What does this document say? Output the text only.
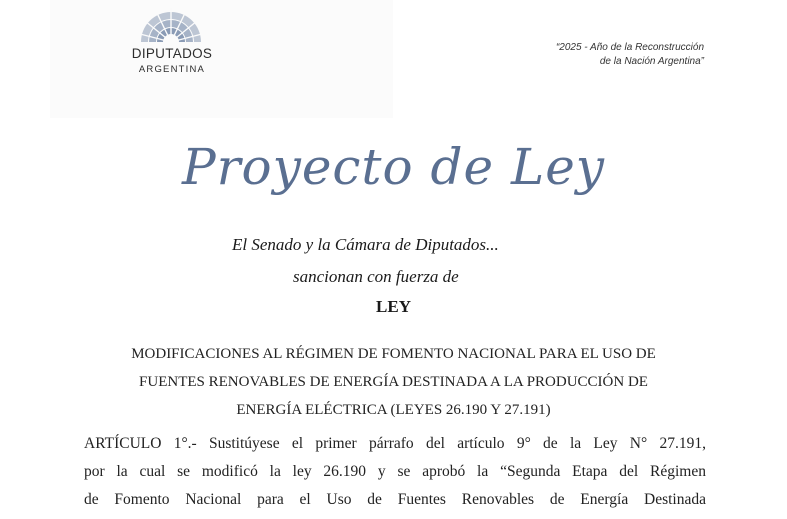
DIPUTADOS
ARGENTINA
“2025 - Año de la Reconstrucción
de la Nación Argentina”
Proyecto de Ley
El Senado y la Cámara de Diputados...
sancionan con fuerza de
LEY
MODIFICACIONES AL RÉGIMEN DE FOMENTO NACIONAL PARA EL USO DE
FUENTES RENOVABLES DE ENERGÍA DESTINADA A LA PRODUCCIÓN DE
ENERGÍA ELÉCTRICA (LEYES 26.190 Y 27.191)
ARTÍCULO 1°.- Sustitúyese el primer párrafo del artículo 9° de la Ley N° 27.191,
por la cual se modificó la ley 26.190 y se aprobó la “Segunda Etapa del Régimen
de Fomento Nacional para el Uso de Fuentes Renovables de Energía Destinada
